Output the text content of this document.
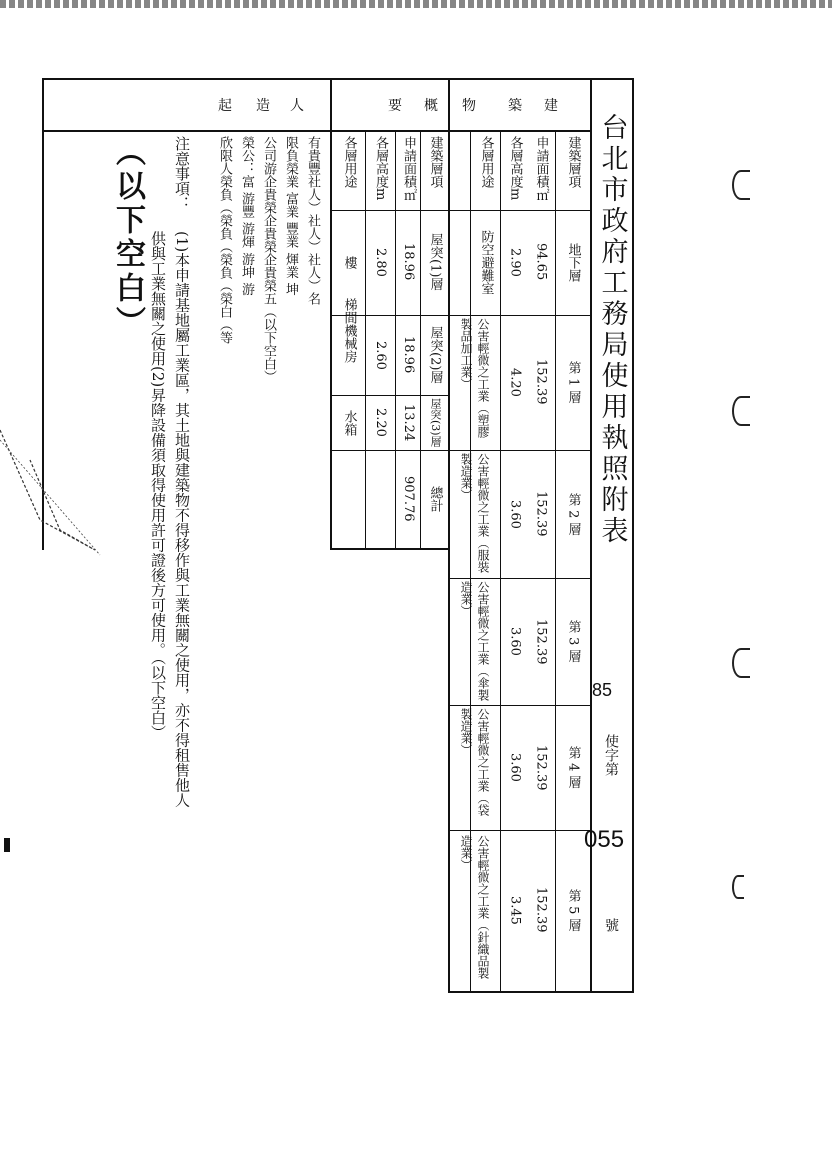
台北市政府工務局使用執照附表
85
使字第
055
號
建
築
物
概
要
人
造
起
建築層項
申請面積㎡
各層高度m
各層用途
地下層
94.65
2.90
防空避難室
第 1 層
152.39
4.20
公害輕微之工業（塑膠製品加工業）
第 2 層
152.39
3.60
公害輕微之工業（服裝製造業）
第 3 層
152.39
3.60
公害輕微之工業（傘製造業）
第 4 層
152.39
3.60
公害輕微之工業（袋製造業）
第 5 層
152.39
3.45
公害輕微之工業（針織品製造業）
建築層項
申請面積㎡
各層高度m
各層用途
屋突(1)層
18.96
2.80
樓
屋突(2)層
18.96
2.60
梯間機械房
屋突(3)層
13.24
2.20
水箱
總計
907.76
有貴豐社人）社人）社人）名
限負榮業 富業 豐業 煇業 坤
公司游企貴榮企貴榮企貴榮五（以下空白）
榮公：富 游豐 游煇 游坤 游
欣限人榮負（榮負（榮負（榮白（等
注意事項：
(1)本申請基地屬工業區，其土地與建築物不得移作與工業無關之使用，亦不得租售他人
供與工業無關之使用(2)昇降設備須取得使用許可證後方可使用。（以下空白）
（以下空白）
